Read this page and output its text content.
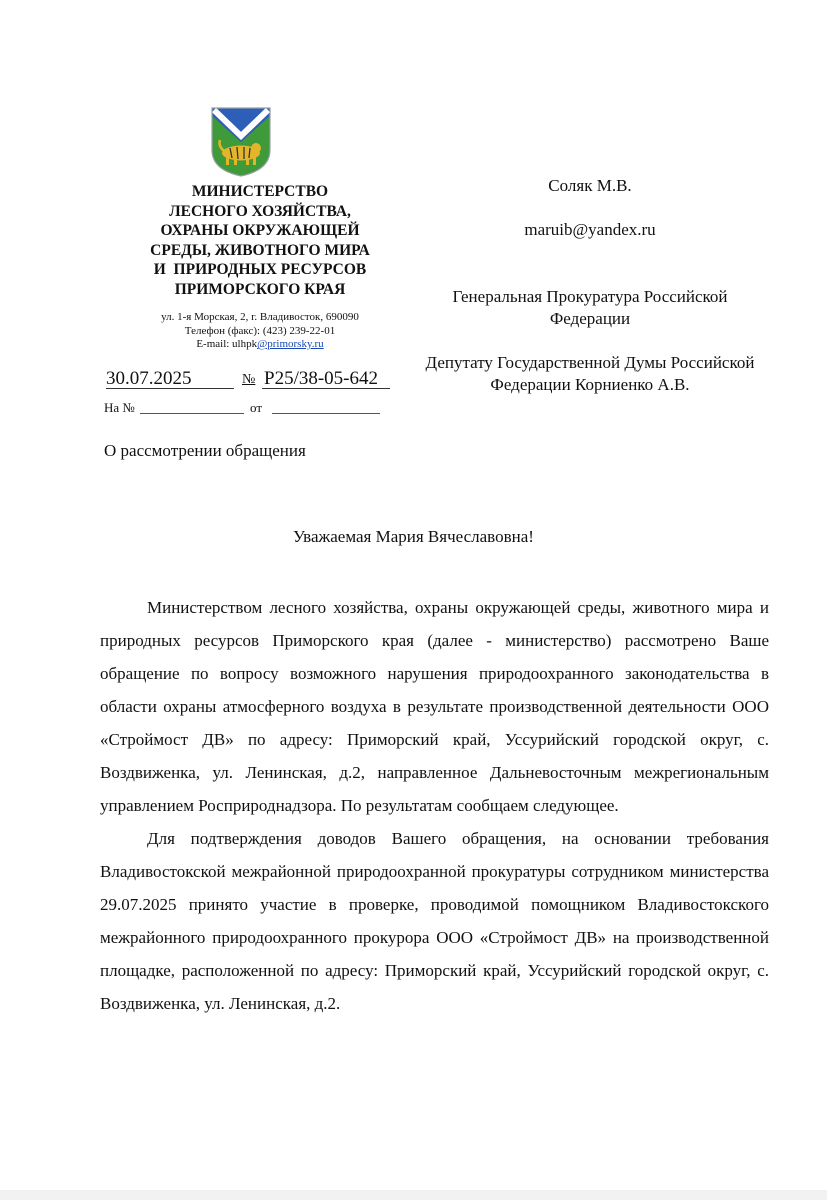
МИНИСТЕРСТВО
ЛЕСНОГО ХОЗЯЙСТВА,
ОХРАНЫ ОКРУЖАЮЩЕЙ
СРЕДЫ, ЖИВОТНОГО МИРА
И  ПРИРОДНЫХ РЕСУРСОВ
ПРИМОРСКОГО КРАЯ
ул. 1-я Морская, 2, г. Владивосток, 690090
Телефон (факс): (423) 239-22-01
E-mail: ulhpk@primorsky.ru
30.07.2025	№ Р25/38-05-642
На №	от
О рассмотрении обращения
Соляк М.В.
maruib@yandex.ru
Генеральная Прокуратура Российской Федерации
Депутату Государственной Думы Российской Федерации Корниенко А.В.
Уважаемая Мария Вячеславовна!

Министерством лесного хозяйства, охраны окружающей среды, животного мира и природных ресурсов Приморского края (далее - министерство) рассмотрено Ваше обращение по вопросу возможного нарушения природоохранного законодательства в области охраны атмосферного воздуха в результате производственной деятельности ООО «Строймост ДВ» по адресу: Приморский край, Уссурийский городской округ, с. Воздвиженка, ул. Ленинская, д.2, направленное Дальневосточным межрегиональным управлением Росприроднадзора. По результатам сообщаем следующее.

Для подтверждения доводов Вашего обращения, на основании требования Владивостокской межрайонной природоохранной прокуратуры сотрудником министерства 29.07.2025 принято участие в проверке, проводимой помощником Владивостокского межрайонного природоохранного прокурора ООО «Строймост ДВ» на производственной площадке, расположенной по адресу: Приморский край, Уссурийский городской округ, с. Воздвиженка, ул. Ленинская, д.2.
